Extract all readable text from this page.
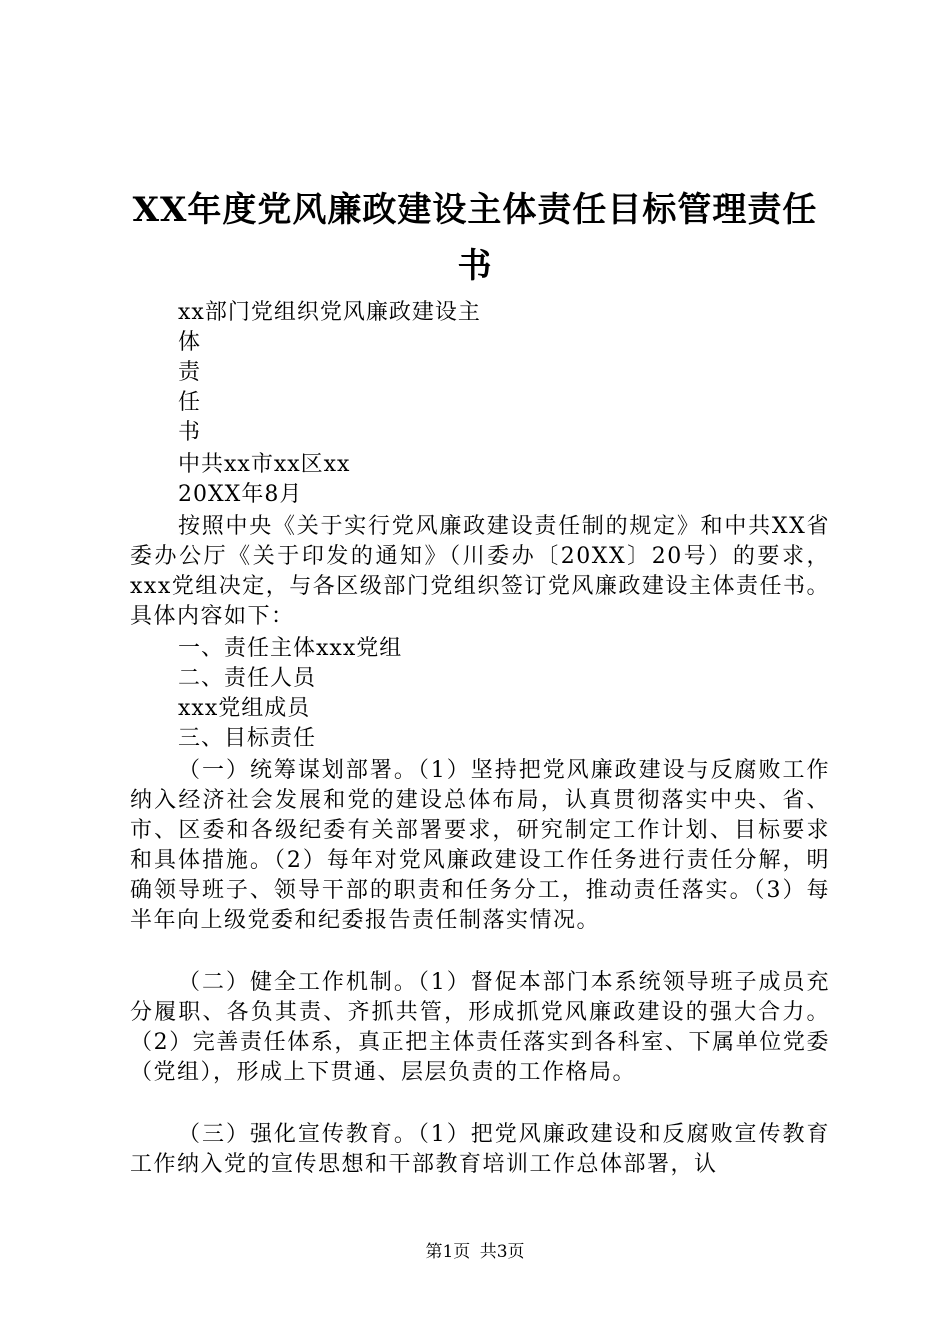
XX年度党风廉政建设主体责任目标管理责任
书
xx部门党组织党风廉政建设主
体
责
任
书
中共xx市xx区xx
20XX年8月
按照中央《关于实行党风廉政建设责任制的规定》和中共XX省委办公厅《关于印发的通知》（川委办〔20XX〕20号）的要求，xxx党组决定，与各区级部门党组织签订党风廉政建设主体责任书。具体内容如下：
一、责任主体xxx党组
二、责任人员
xxx党组成员
三、目标责任
（一）统筹谋划部署。（1）坚持把党风廉政建设与反腐败工作纳入经济社会发展和党的建设总体布局，认真贯彻落实中央、省、市、区委和各级纪委有关部署要求，研究制定工作计划、目标要求和具体措施。（2）每年对党风廉政建设工作任务进行责任分解，明确领导班子、领导干部的职责和任务分工，推动责任落实。（3）每半年向上级党委和纪委报告责任制落实情况。
（二）健全工作机制。（1）督促本部门本系统领导班子成员充分履职、各负其责、齐抓共管，形成抓党风廉政建设的强大合力。（2）完善责任体系，真正把主体责任落实到各科室、下属单位党委（党组），形成上下贯通、层层负责的工作格局。
（三）强化宣传教育。（1）把党风廉政建设和反腐败宣传教育工作纳入党的宣传思想和干部教育培训工作总体部署，认
第1页 共3页
